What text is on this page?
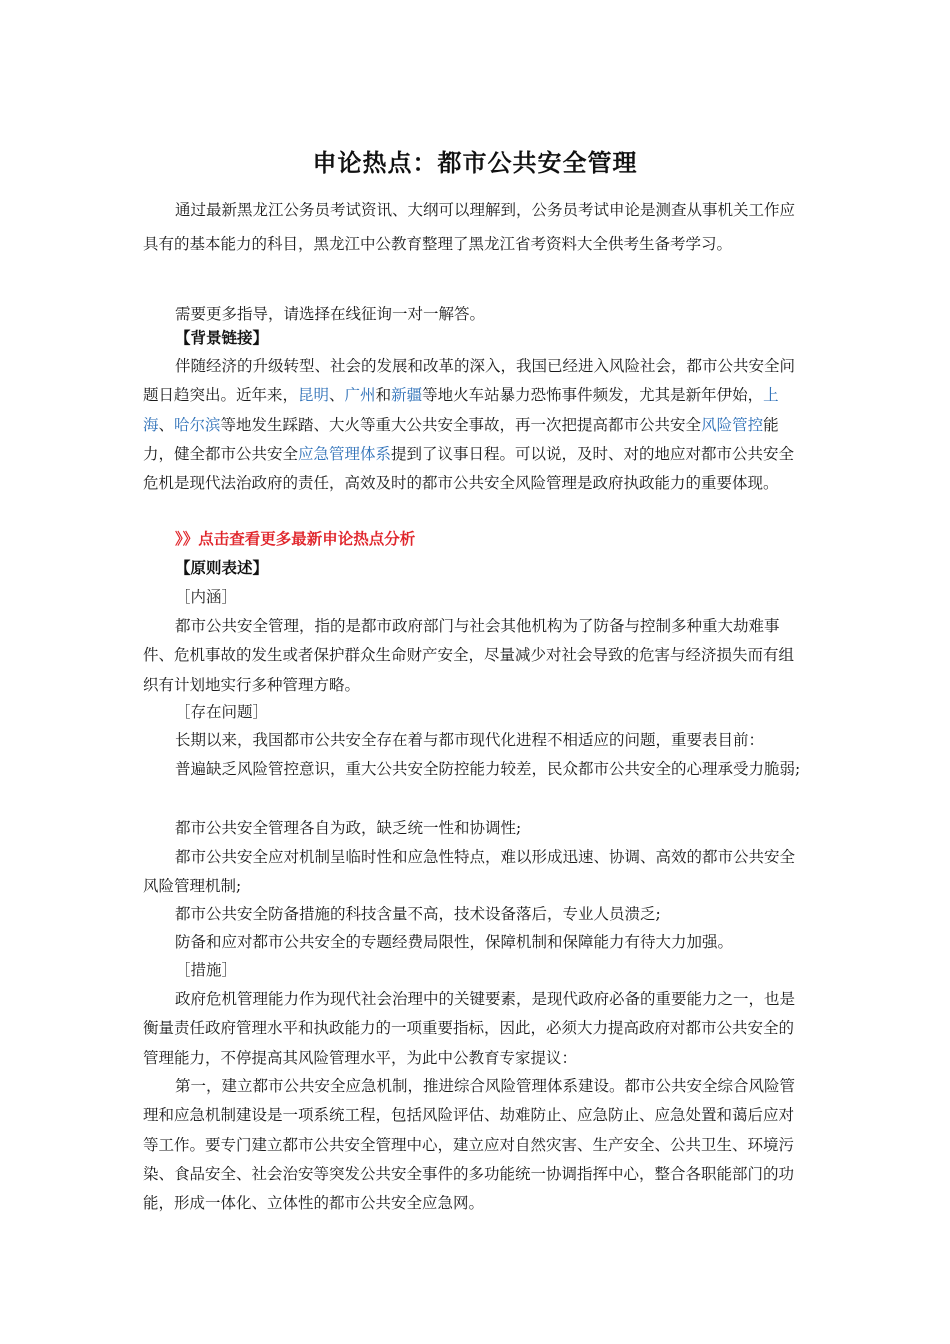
申论热点：都市公共安全管理

通过最新黑龙江公务员考试资讯、大纲可以理解到，公务员考试申论是测查从事机关工作应具有的基本能力的科目，黑龙江中公教育整理了黑龙江省考资料大全供考生备考学习。

需要更多指导，请选择在线征询一对一解答。

【背景链接】

伴随经济的升级转型、社会的发展和改革的深入，我国已经进入风险社会，都市公共安全问题日趋突出。近年来，昆明、广州和新疆等地火车站暴力恐怖事件频发，尤其是新年伊始，上海、哈尔滨等地发生踩踏、大火等重大公共安全事故，再一次把提高都市公共安全风险管控能力，健全都市公共安全应急管理体系提到了议事日程。可以说，及时、对的地应对都市公共安全危机是现代法治政府的责任，高效及时的都市公共安全风险管理是政府执政能力的重要体现。

》》点击查看更多最新申论热点分析
【原则表述】
［内涵］

都市公共安全管理，指的是都市政府部门与社会其他机构为了防备与控制多种重大劫难事件、危机事故的发生或者保护群众生命财产安全，尽量减少对社会导致的危害与经济损失而有组织有计划地实行多种管理方略。

［存在问题］

长期以来，我国都市公共安全存在着与都市现代化进程不相适应的问题，重要表目前：

普遍缺乏风险管控意识，重大公共安全防控能力较差，民众都市公共安全的心理承受力脆弱;

都市公共安全管理各自为政，缺乏统一性和协调性;

都市公共安全应对机制呈临时性和应急性特点，难以形成迅速、协调、高效的都市公共安全风险管理机制;

都市公共安全防备措施的科技含量不高，技术设备落后，专业人员溃乏;

防备和应对都市公共安全的专题经费局限性，保障机制和保障能力有待大力加强。

［措施］

政府危机管理能力作为现代社会治理中的关键要素，是现代政府必备的重要能力之一，也是衡量责任政府管理水平和执政能力的一项重要指标，因此，必须大力提高政府对都市公共安全的管理能力，不停提高其风险管理水平，为此中公教育专家提议：

第一，建立都市公共安全应急机制，推进综合风险管理体系建设。都市公共安全综合风险管理和应急机制建设是一项系统工程，包括风险评估、劫难防止、应急防止、应急处置和蔼后应对等工作。要专门建立都市公共安全管理中心，建立应对自然灾害、生产安全、公共卫生、环境污染、食品安全、社会治安等突发公共安全事件的多功能统一协调指挥中心，整合各职能部门的功能，形成一体化、立体性的都市公共安全应急网。
